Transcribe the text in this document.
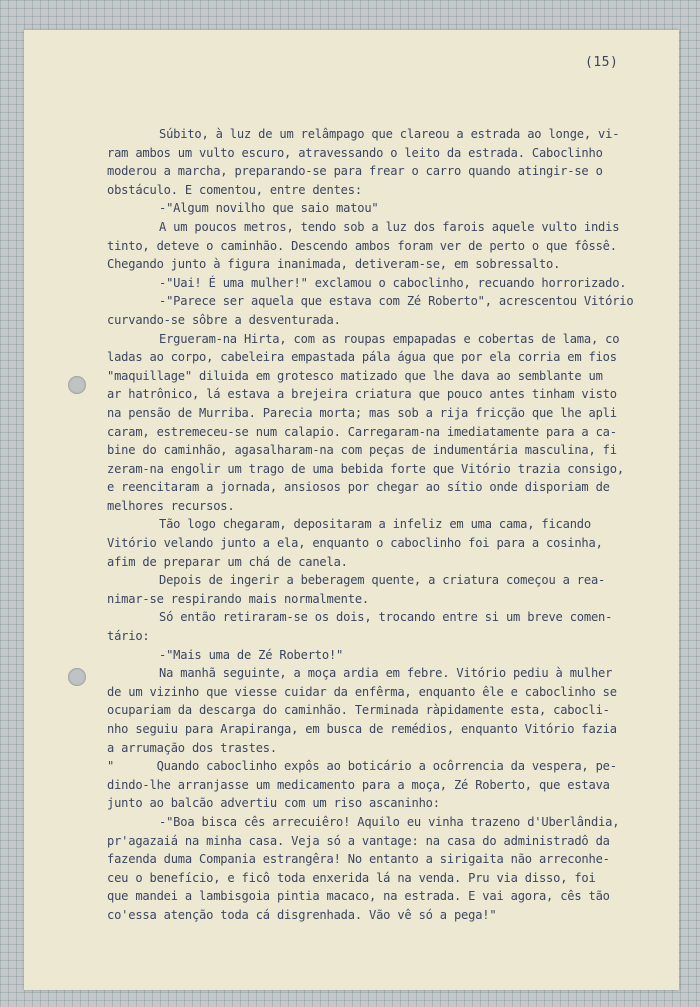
(15)
Súbito, à luz de um relâmpago que clareou a estrada ao longe, vi-
ram ambos um vulto escuro, atravessando o leito da estrada. Caboclinho
moderou a marcha, preparando-se para frear o carro quando atingir-se o
obstáculo. E comentou, entre dentes:
-"Algum novilho que saio matou"
A um poucos metros, tendo sob a luz dos farois aquele vulto indis
tinto, deteve o caminhão. Descendo ambos foram ver de perto o que fôssê.
Chegando junto à figura inanimada, detiveram-se, em sobressalto.
-"Uai! É uma mulher!" exclamou o caboclinho, recuando horrorizado.
-"Parece ser aquela que estava com Zé Roberto", acrescentou Vitório
curvando-se sôbre a desventurada.
Ergueram-na Hirta, com as roupas empapadas e cobertas de lama, co
ladas ao corpo, cabeleira empastada pála água que por ela corria em fios
"maquillage" diluida em grotesco matizado que lhe dava ao semblante um
ar hatrônico, lá estava a brejeira criatura que pouco antes tinham visto
na pensão de Murriba. Parecia morta; mas sob a rija fricção que lhe apli
caram, estremeceu-se num calapio. Carregaram-na imediatamente para a ca-
bine do caminhão, agasalharam-na com peças de indumentária masculina, fi
zeram-na engolir um trago de uma bebida forte que Vitório trazia consigo,
e reencitaram a jornada, ansiosos por chegar ao sítio onde disporiam de
melhores recursos.
Tão logo chegaram, depositaram a infeliz em uma cama, ficando
Vitório velando junto a ela, enquanto o caboclinho foi para a cosinha,
afim de preparar um chá de canela.
Depois de ingerir a beberagem quente, a criatura começou a rea-
nimar-se respirando mais normalmente.
Só então retiraram-se os dois, trocando entre si um breve comen-
tário:
-"Mais uma de Zé Roberto!"
Na manhã seguinte, a moça ardia em febre. Vitório pediu à mulher
de um vizinho que viesse cuidar da enfêrma, enquanto êle e caboclinho se
ocupariam da descarga do caminhão. Terminada ràpidamente esta, cabocli-
nho seguiu para Arapiranga, em busca de remédios, enquanto Vitório fazia
a arrumação dos trastes.
"      Quando caboclinho expôs ao boticário a ocôrrencia da vespera, pe-
dindo-lhe arranjasse um medicamento para a moça, Zé Roberto, que estava
junto ao balcão advertiu com um riso ascaninho:
-"Boa bisca cês arrecuiêro! Aquilo eu vinha trazeno d'Uberlândia,
pr'agazaiá na minha casa. Veja só a vantage: na casa do administradô da
fazenda duma Compania estrangêra! No entanto a sirigaita não arreconhe-
ceu o benefício, e ficô toda enxerida lá na venda. Pru via disso, foi
que mandei a lambisgoia pintia macaco, na estrada. E vai agora, cês tão
co'essa atenção toda cá disgrenhada. Vão vê só a pega!"
